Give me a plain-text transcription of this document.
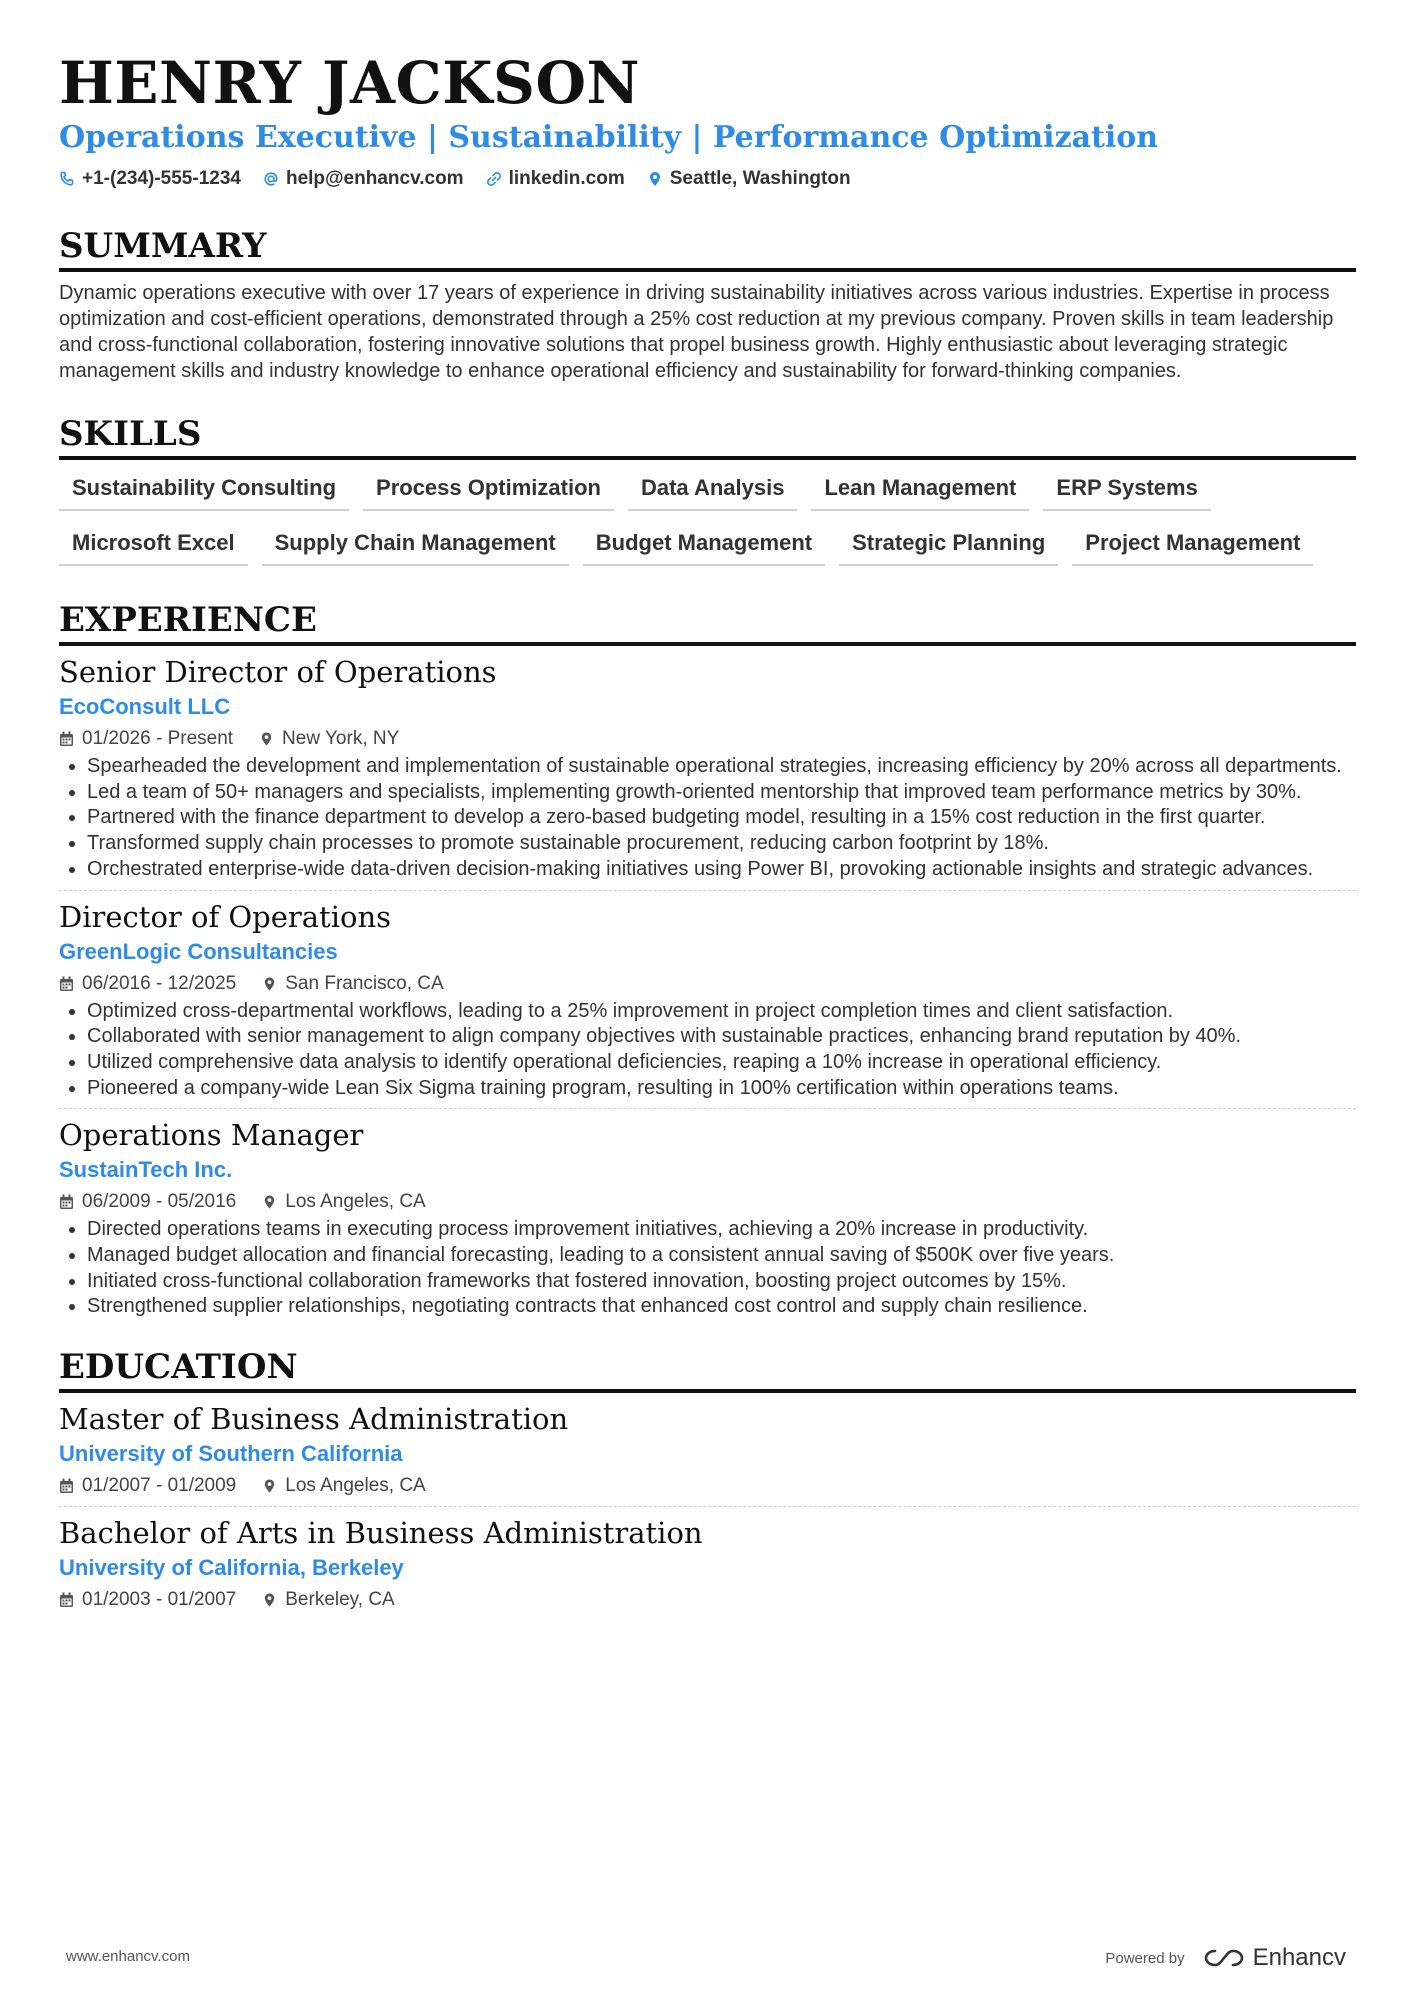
HENRY JACKSON
Operations Executive | Sustainability | Performance Optimization
+1-(234)-555-1234 help@enhancv.com linkedin.com Seattle, Washington
SUMMARY
Dynamic operations executive with over 17 years of experience in driving sustainability initiatives across various industries. Expertise in process optimization and cost-efficient operations, demonstrated through a 25% cost reduction at my previous company. Proven skills in team leadership and cross-functional collaboration, fostering innovative solutions that propel business growth. Highly enthusiastic about leveraging strategic management skills and industry knowledge to enhance operational efficiency and sustainability for forward-thinking companies.
SKILLS
Sustainability Consulting	Process Optimization	Data Analysis	Lean Management	ERP Systems
Microsoft Excel	Supply Chain Management	Budget Management	Strategic Planning	Project Management
EXPERIENCE
Senior Director of Operations
EcoConsult LLC
01/2026 - Present	New York, NY
Spearheaded the development and implementation of sustainable operational strategies, increasing efficiency by 20% across all departments.
Led a team of 50+ managers and specialists, implementing growth-oriented mentorship that improved team performance metrics by 30%.
Partnered with the finance department to develop a zero-based budgeting model, resulting in a 15% cost reduction in the first quarter.
Transformed supply chain processes to promote sustainable procurement, reducing carbon footprint by 18%.
Orchestrated enterprise-wide data-driven decision-making initiatives using Power BI, provoking actionable insights and strategic advances.
Director of Operations
GreenLogic Consultancies
06/2016 - 12/2025	San Francisco, CA
Optimized cross-departmental workflows, leading to a 25% improvement in project completion times and client satisfaction.
Collaborated with senior management to align company objectives with sustainable practices, enhancing brand reputation by 40%.
Utilized comprehensive data analysis to identify operational deficiencies, reaping a 10% increase in operational efficiency.
Pioneered a company-wide Lean Six Sigma training program, resulting in 100% certification within operations teams.
Operations Manager
SustainTech Inc.
06/2009 - 05/2016	Los Angeles, CA
Directed operations teams in executing process improvement initiatives, achieving a 20% increase in productivity.
Managed budget allocation and financial forecasting, leading to a consistent annual saving of $500K over five years.
Initiated cross-functional collaboration frameworks that fostered innovation, boosting project outcomes by 15%.
Strengthened supplier relationships, negotiating contracts that enhanced cost control and supply chain resilience.
EDUCATION
Master of Business Administration
University of Southern California
01/2007 - 01/2009	Los Angeles, CA
Bachelor of Arts in Business Administration
University of California, Berkeley
01/2003 - 01/2007	Berkeley, CA
www.enhancv.com	Powered by	Enhancv
